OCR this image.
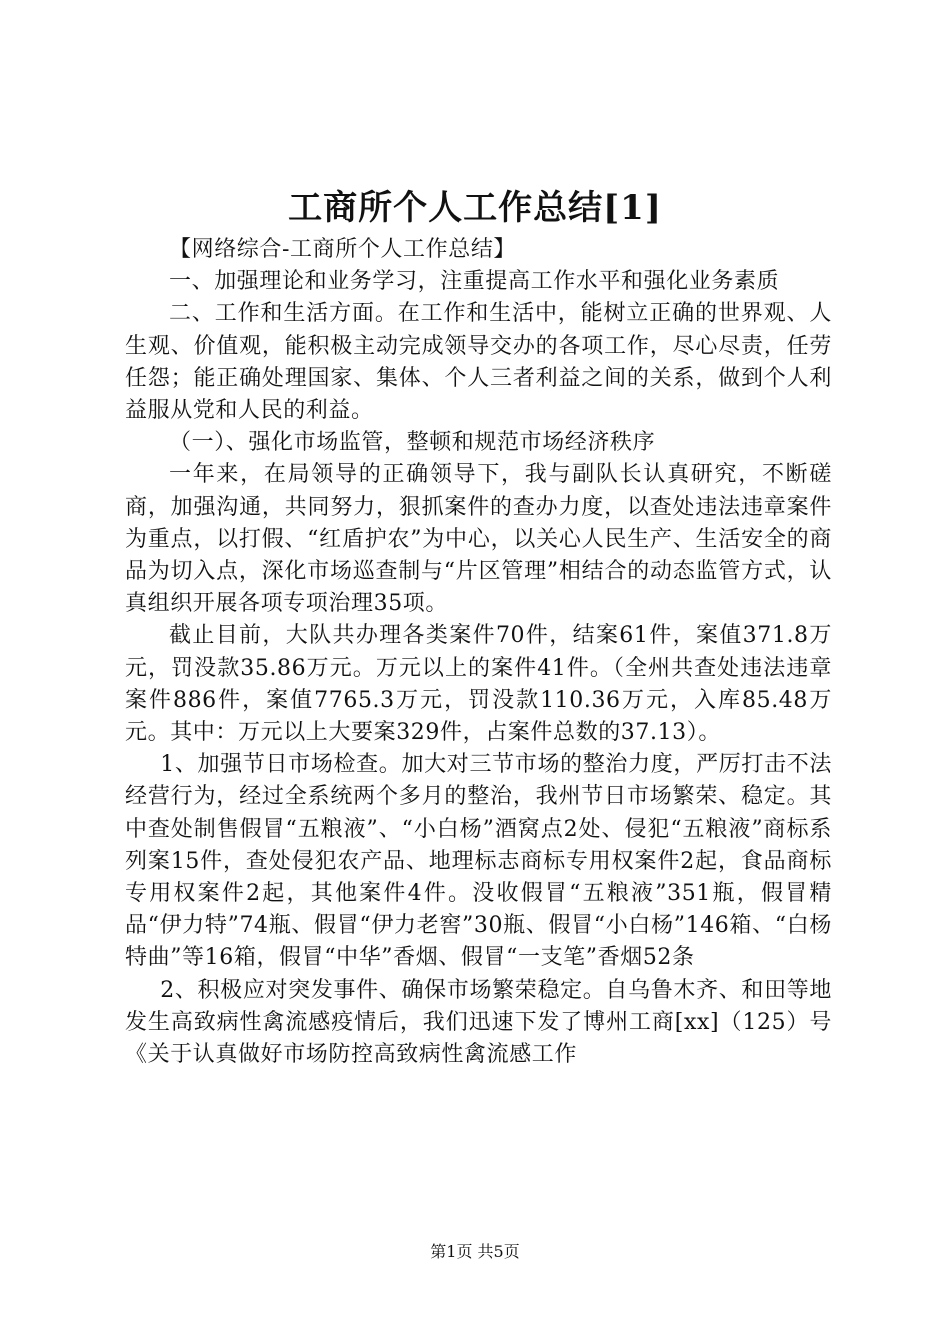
工商所个人工作总结[1]

【网络综合-工商所个人工作总结】

一、加强理论和业务学习，注重提高工作水平和强化业务素质

二、工作和生活方面。在工作和生活中，能树立正确的世界观、人生观、价值观，能积极主动完成领导交办的各项工作，尽心尽责，任劳任怨；能正确处理国家、集体、个人三者利益之间的关系，做到个人利益服从党和人民的利益。

（一）、强化市场监管，整顿和规范市场经济秩序

一年来，在局领导的正确领导下，我与副队长认真研究，不断磋商，加强沟通，共同努力，狠抓案件的查办力度，以查处违法违章案件为重点，以打假、“红盾护农”为中心，以关心人民生产、生活安全的商品为切入点，深化市场巡查制与“片区管理”相结合的动态监管方式，认真组织开展各项专项治理35项。

截止目前，大队共办理各类案件70件，结案61件，案值371.8万元，罚没款35.86万元。万元以上的案件41件。（全州共查处违法违章案件886件，案值7765.3万元，罚没款110.36万元，入库85.48万元。其中：万元以上大要案329件，占案件总数的37.13）。

1、加强节日市场检查。加大对三节市场的整治力度，严厉打击不法经营行为，经过全系统两个多月的整治，我州节日市场繁荣、稳定。其中查处制售假冒“五粮液”、“小白杨”酒窝点2处、侵犯“五粮液”商标系列案15件，查处侵犯农产品、地理标志商标专用权案件2起，食品商标专用权案件2起，其他案件4件。没收假冒“五粮液”351瓶，假冒精品“伊力特”74瓶、假冒“伊力老窖”30瓶、假冒“小白杨”146箱、“白杨特曲”等16箱，假冒“中华”香烟、假冒“一支笔”香烟52条

2、积极应对突发事件、确保市场繁荣稳定。自乌鲁木齐、和田等地发生高致病性禽流感疫情后，我们迅速下发了博州工商[xx]（125）号《关于认真做好市场防控高致病性禽流感工作

第1页 共5页
